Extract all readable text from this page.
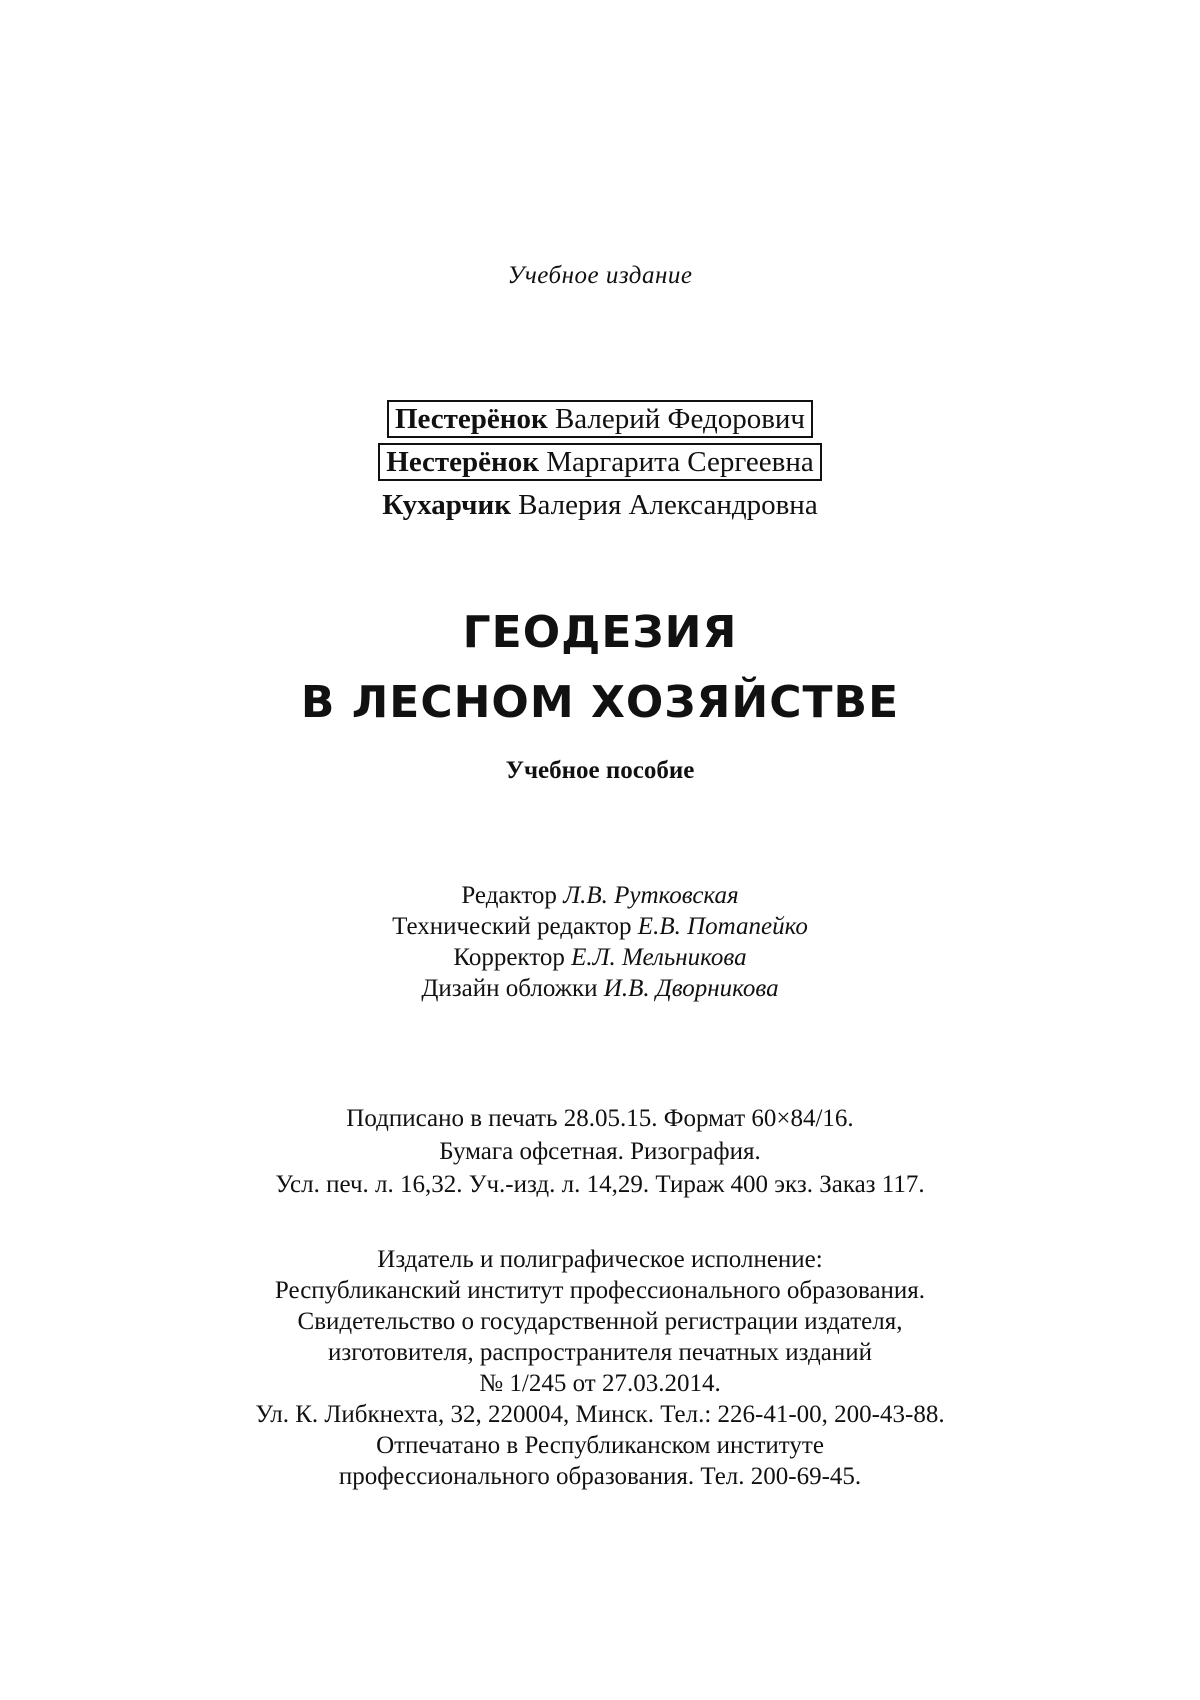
Учебное издание
Пестерёнок Валерий Федорович
Нестерёнок Маргарита Сергеевна
Кухарчик Валерия Александровна
ГЕОДЕЗИЯ
В ЛЕСНОМ ХОЗЯЙСТВЕ
Учебное пособие
Редактор Л.В. Рутковская
Технический редактор Е.В. Потапейко
Корректор Е.Л. Мельникова
Дизайн обложки И.В. Дворникова
Подписано в печать 28.05.15. Формат 60×84/16.
Бумага офсетная. Ризография.
Усл. печ. л. 16,32. Уч.-изд. л. 14,29. Тираж 400 экз. Заказ 117.
Издатель и полиграфическое исполнение:
Республиканский институт профессионального образования.
Свидетельство о государственной регистрации издателя,
изготовителя, распространителя печатных изданий
№ 1/245 от 27.03.2014.
Ул. К. Либкнехта, 32, 220004, Минск. Тел.: 226-41-00, 200-43-88.
Отпечатано в Республиканском институте
профессионального образования. Тел. 200-69-45.
